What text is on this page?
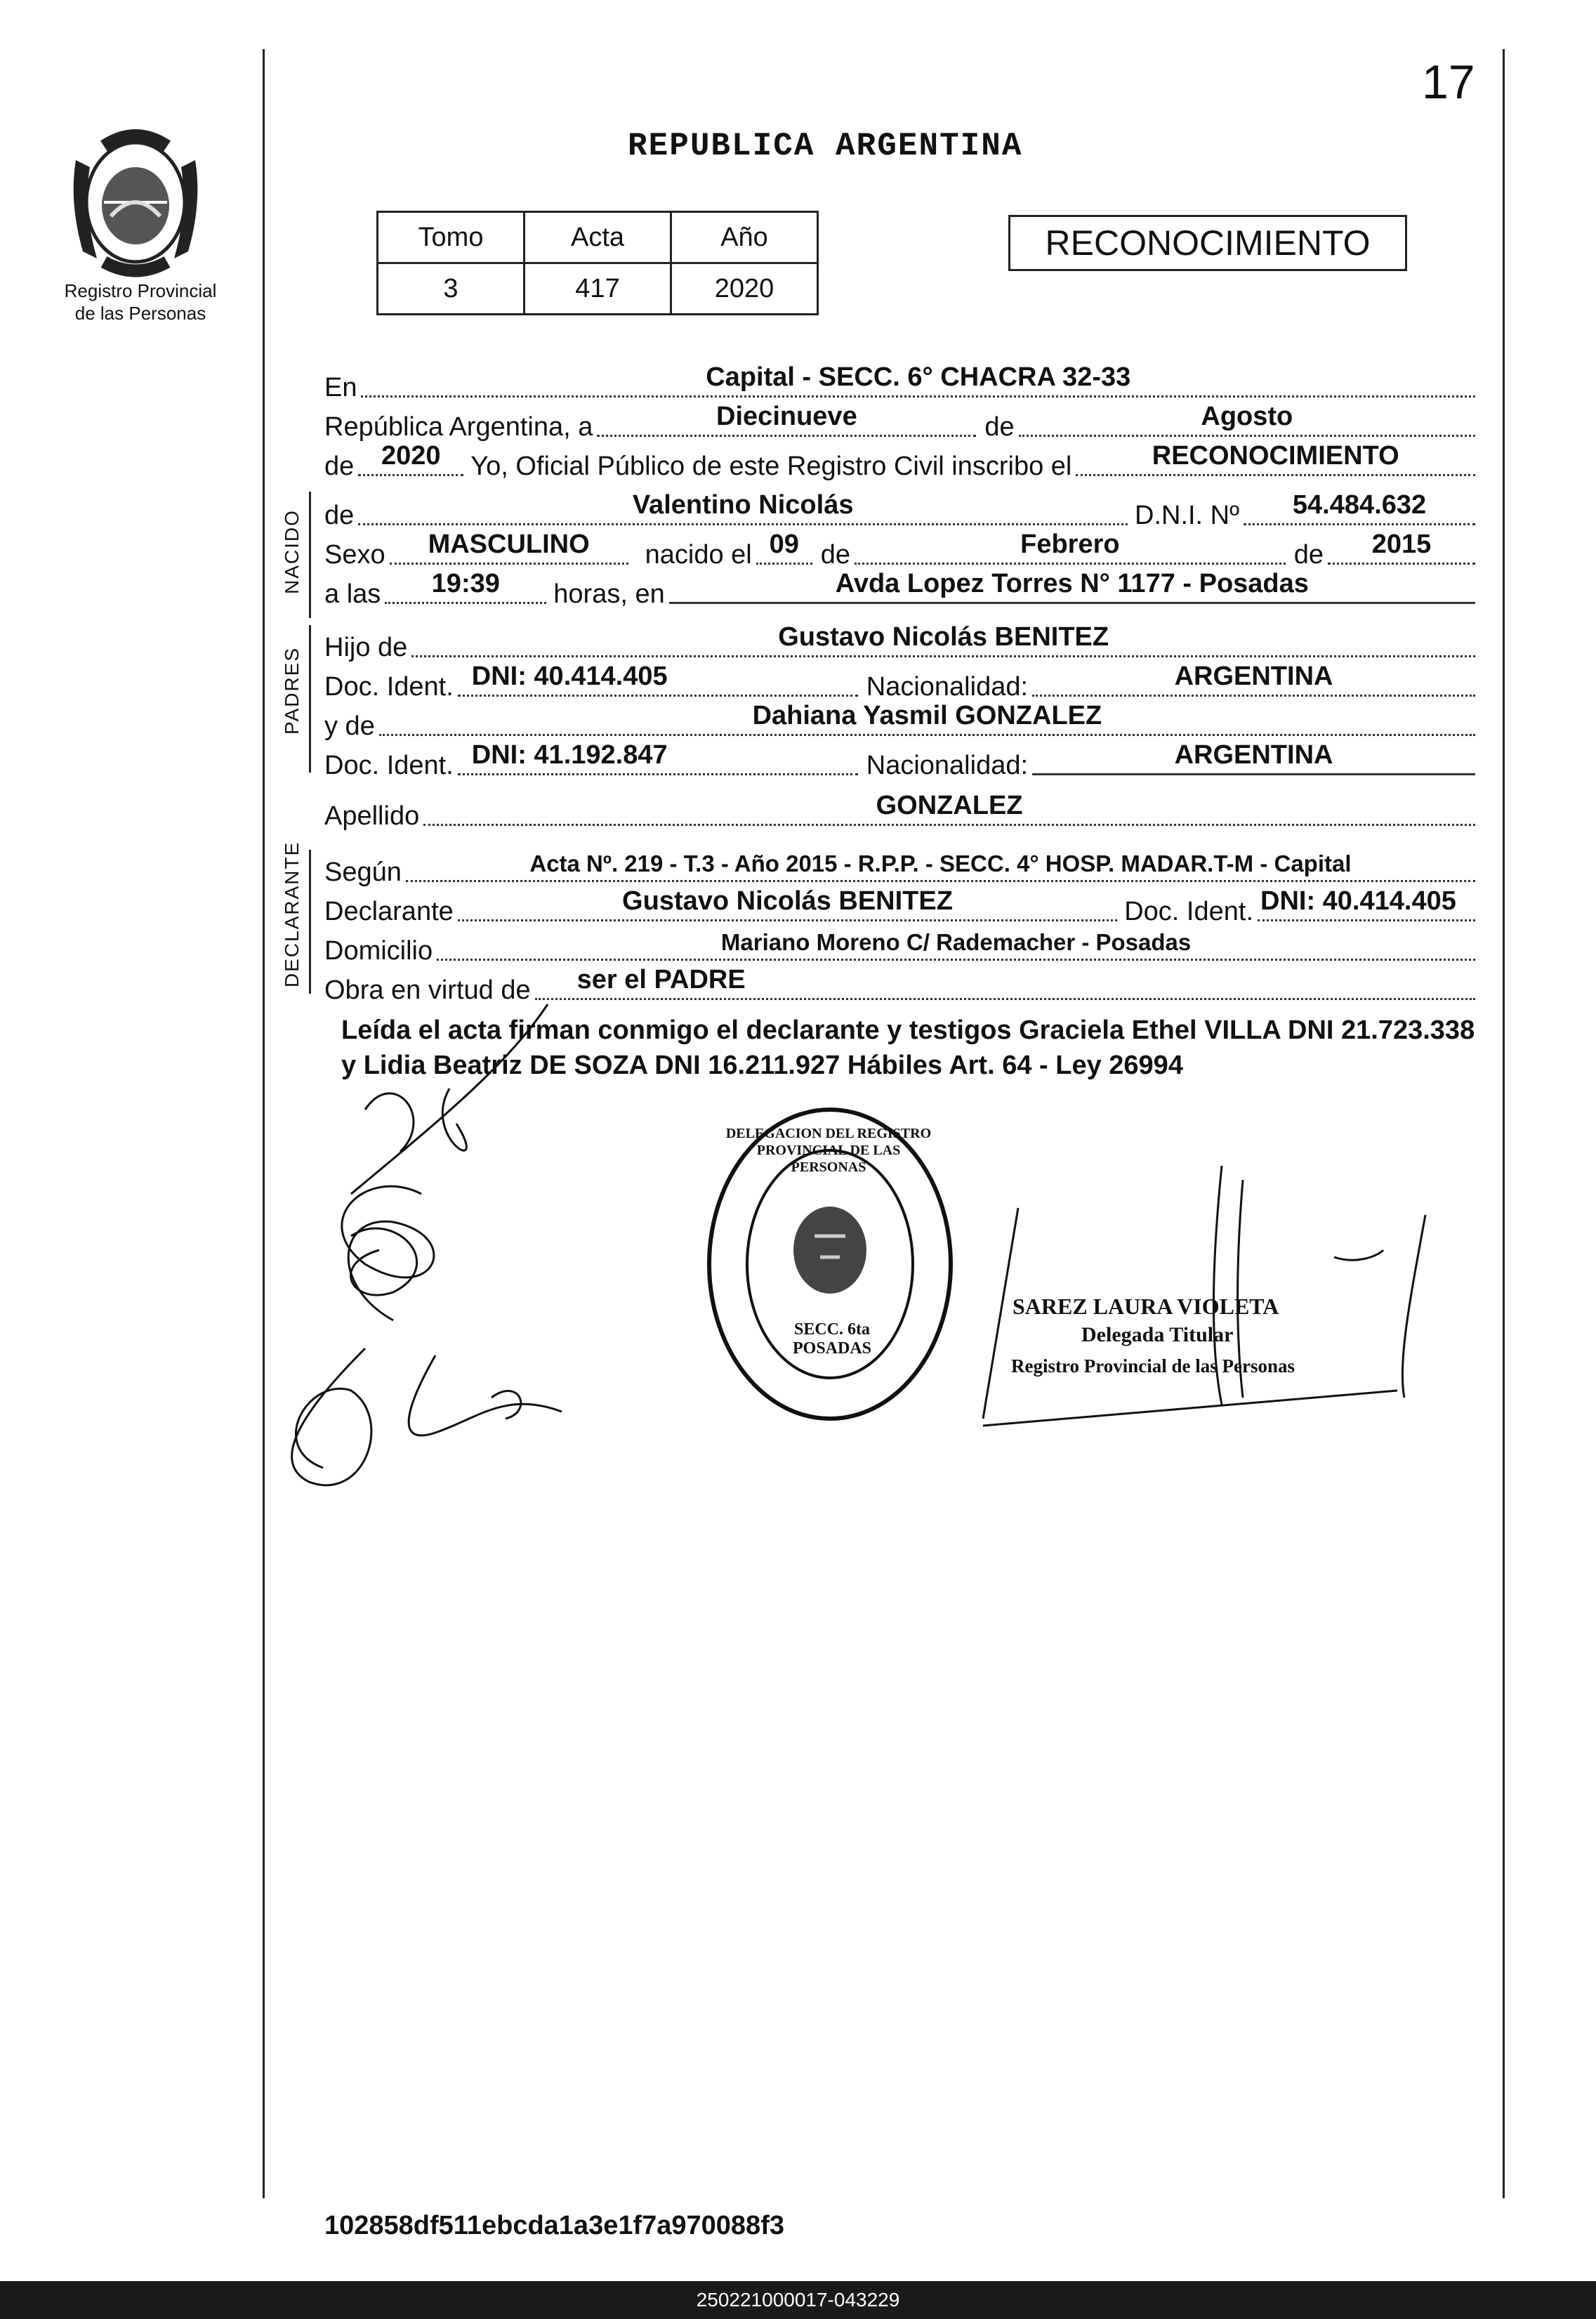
17
Registro Provincial
de las Personas
REPUBLICA ARGENTINA
Tomo	Acta	Año
3	417	2020
RECONOCIMIENTO
En	Capital - SECC. 6° CHACRA 32-33
República Argentina, a	Diecinueve	de	Agosto
de	2020	Yo, Oficial Público de este Registro Civil inscribo el	RECONOCIMIENTO
NACIDO de	Valentino Nicolás	D.N.I. Nº	54.484.632
Sexo	MASCULINO	nacido el 09 de	Febrero	de	2015
a las	19:39	horas, en	Avda Lopez Torres N° 1177 - Posadas
PADRES Hijo de	Gustavo Nicolás BENITEZ
Doc. Ident. DNI: 40.414.405	Nacionalidad:	ARGENTINA
y de	Dahiana Yasmil GONZALEZ
Doc. Ident. DNI: 41.192.847	Nacionalidad:	ARGENTINA
Apellido	GONZALEZ
DECLARANTE Según	Acta Nº. 219 - T.3 - Año 2015 - R.P.P. - SECC. 4° HOSP. MADAR.T-M - Capital
Declarante	Gustavo Nicolás BENITEZ	Doc. Ident. DNI: 40.414.405
Domicilio	Mariano Moreno C/ Rademacher - Posadas
Obra en virtud de ser el PADRE
Leída el acta firman conmigo el declarante y testigos Graciela Ethel VILLA DNI 21.723.338 y Lidia Beatriz DE SOZA DNI 16.211.927 Hábiles Art. 64 - Ley 26994
DELEGACION DEL REGISTRO PROVINCIAL DE LAS PERSONAS
SECC. 6ta POSADAS
SAREZ LAURA VIOLETA
Delegada Titular
Registro Provincial de las Personas
102858df511ebcda1a3e1f7a970088f3
250221000017-043229
